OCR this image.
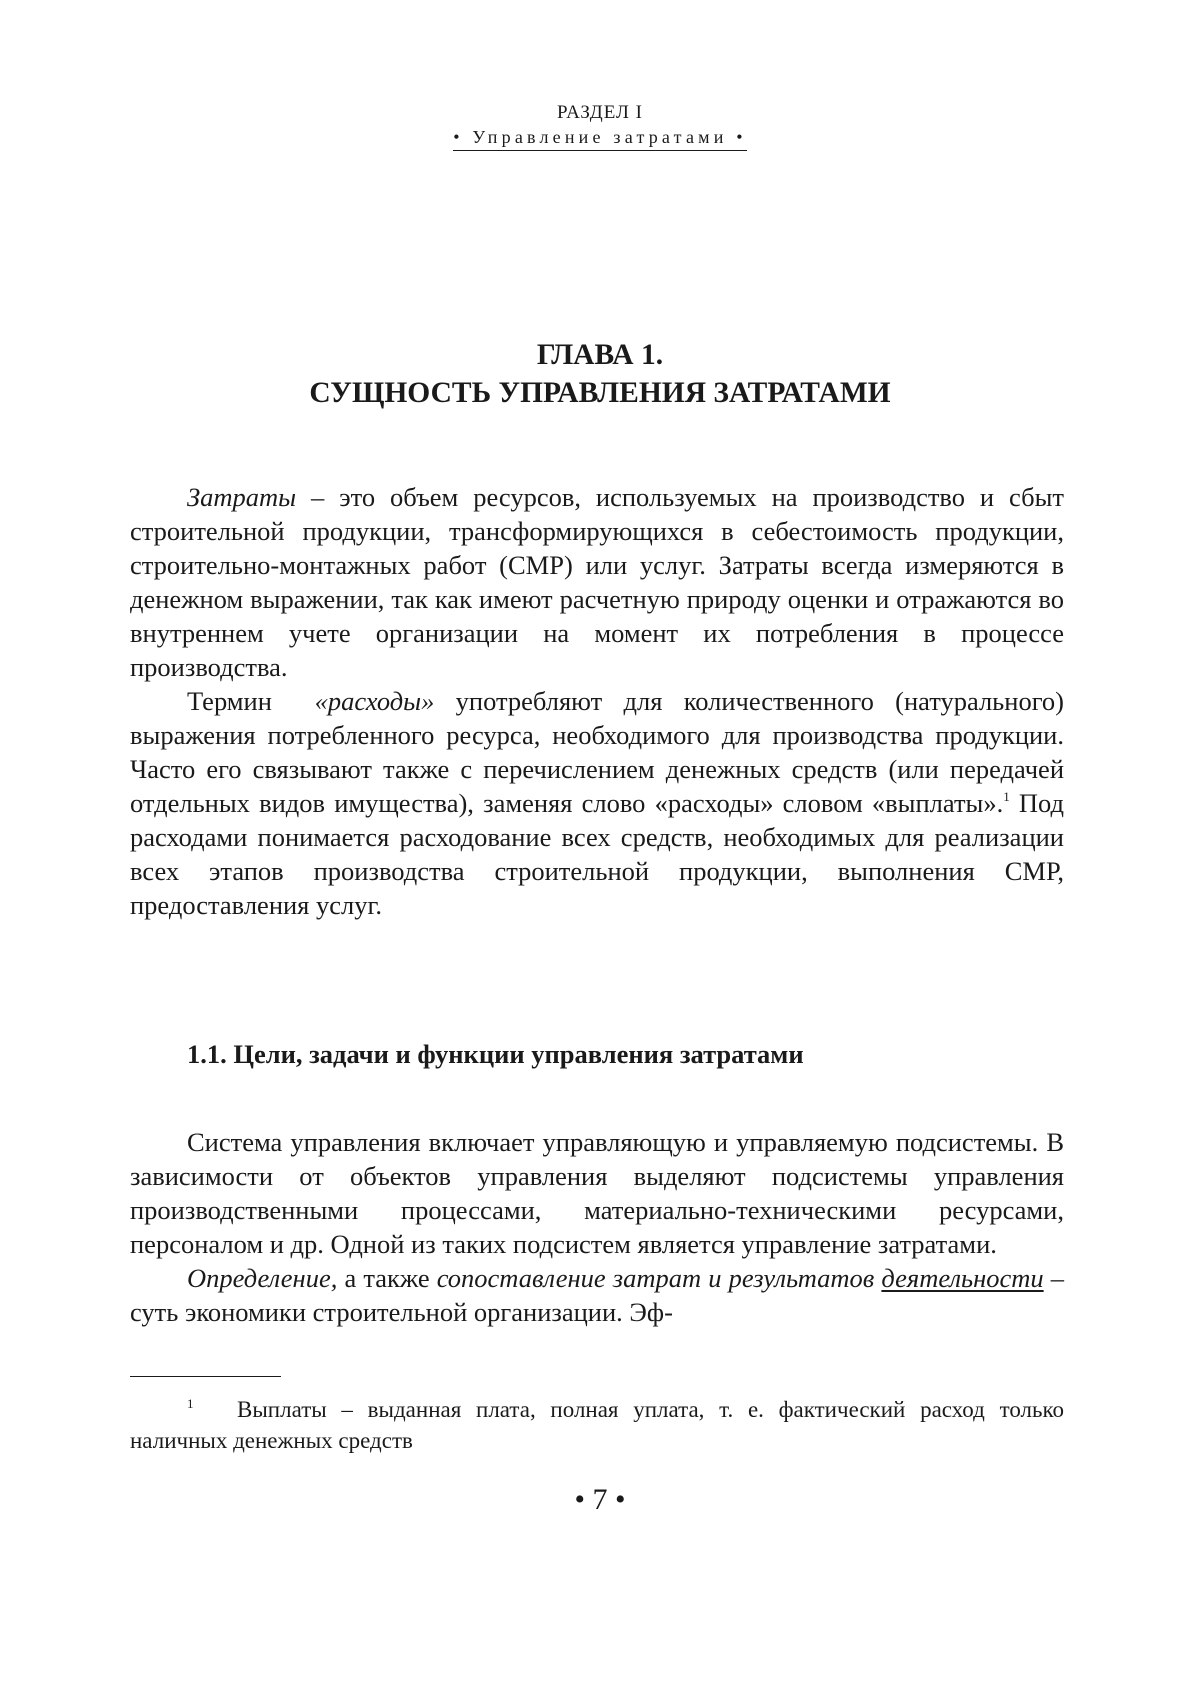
РАЗДЕЛ I
• Управление затратами •
ГЛАВА 1.
СУЩНОСТЬ УПРАВЛЕНИЯ ЗАТРАТАМИ

Затраты – это объем ресурсов, используемых на производство и сбыт строительной продукции, трансформирующихся в себестоимость продукции, строительно-монтажных работ (СМР) или услуг. Затраты всегда измеряются в денежном выражении, так как имеют расчетную природу оценки и отражаются во внутреннем учете организации на момент их потребления в процессе производства.

Термин  «расходы» употребляют для количественного (натурального) выражения потребленного ресурса, необходимого для производства продукции. Часто его связывают также с перечислением денежных средств (или передачей отдельных видов имущества), заменяя слово «расходы» словом «выплаты».$^1$ Под расходами понимается расходование всех средств, необходимых для реализации всех этапов производства строительной продукции, выполнения СМР, предоставления услуг.

1.1. Цели, задачи и функции управления затратами

Система управления включает управляющую и управляемую подсистемы. В зависимости от объектов управления выделяют подсистемы управления производственными процессами, материально-техническими ресурсами, персоналом и др. Одной из таких подсистем является управление затратами.

Определение, а также сопоставление затрат и результатов деятельности – суть экономики строительной организации. Эф-

1 Выплаты – выданная плата, полная уплата, т. е. фактический расход только наличных денежных средств
• 7 •
